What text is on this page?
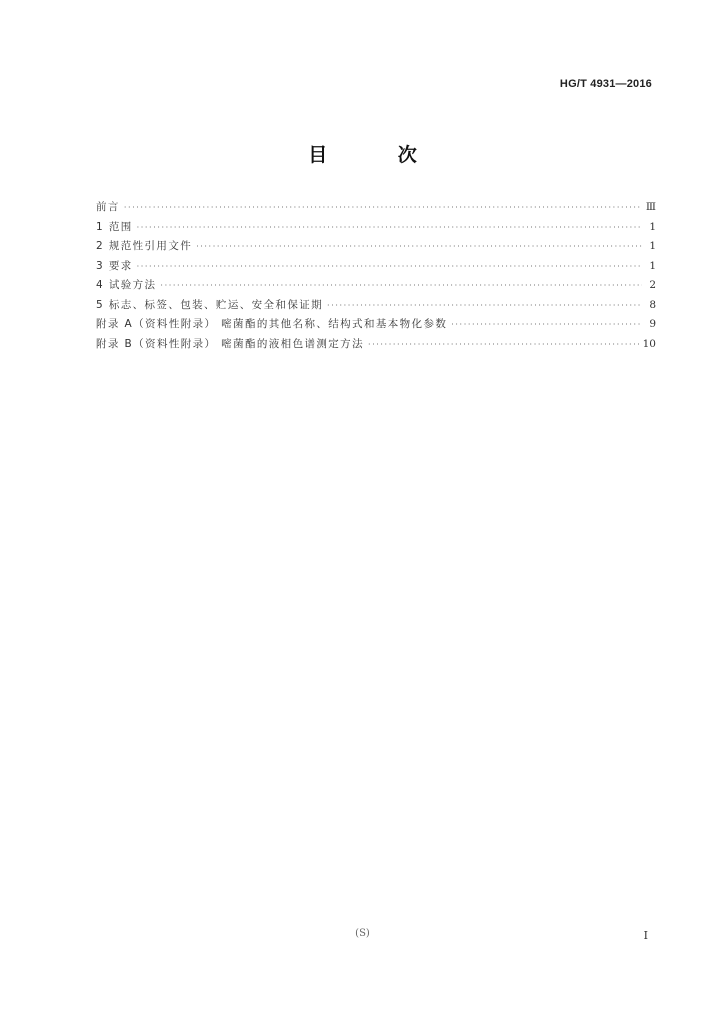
HG/T 4931—2016
目 次
前言 ·····	Ⅲ
1 范围 ·····	1
2 规范性引用文件 ·····	1
3 要求 ·····	1
4 试验方法 ·····	2
5 标志、标签、包装、贮运、安全和保证期 ·····	8
附录 A（资料性附录） 嘧菌酯的其他名称、结构式和基本物化参数 ·····	9
附录 B（资料性附录） 嘧菌酯的液相色谱测定方法 ·····	10
(S)	I
